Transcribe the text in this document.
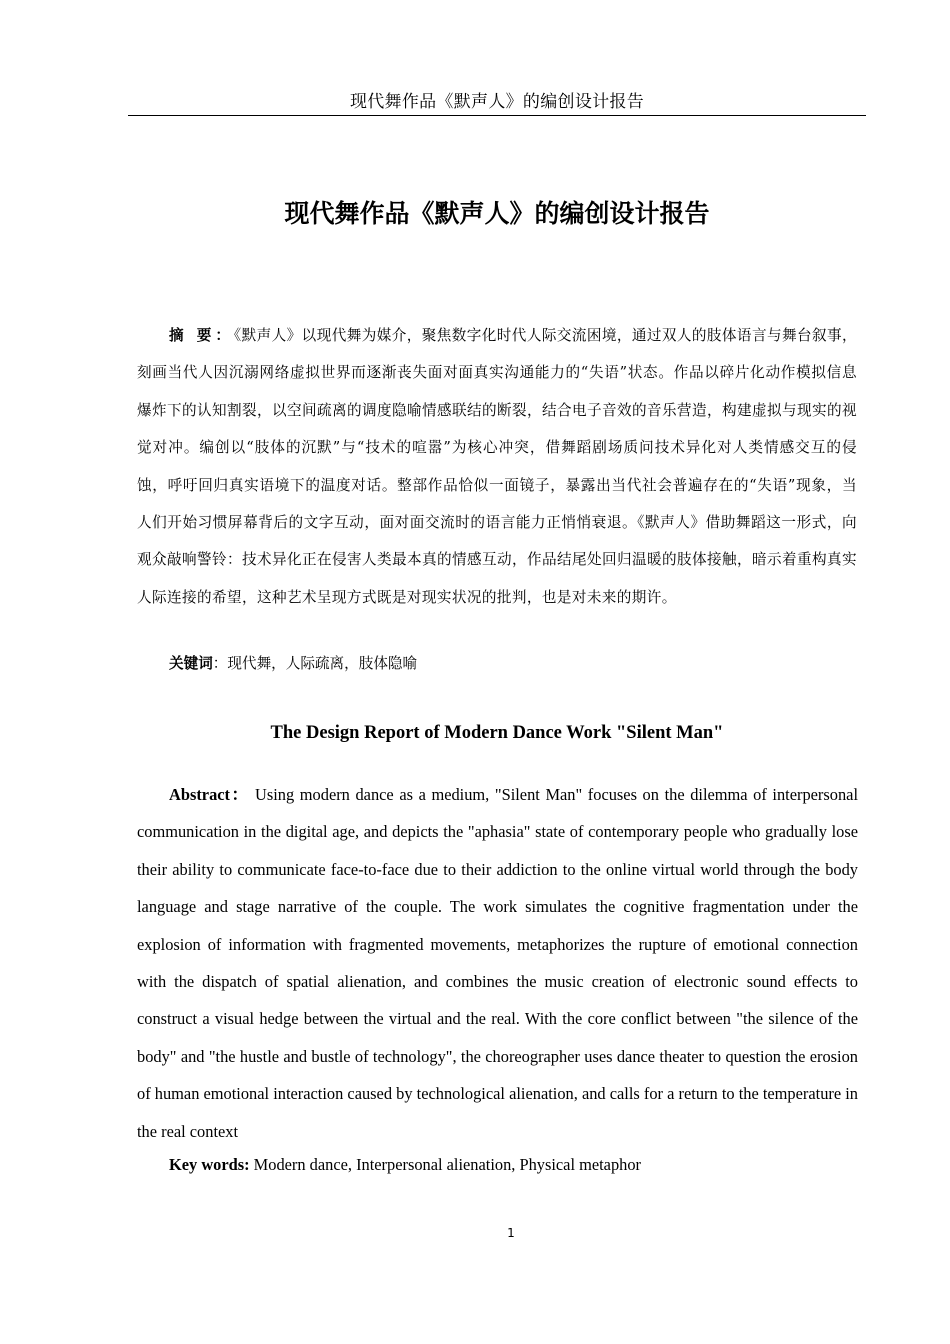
现代舞作品《默声人》的编创设计报告
现代舞作品《默声人》的编创设计报告
摘 要：《默声人》以现代舞为媒介，聚焦数字化时代人际交流困境，通过双人的肢体语言与舞台叙事，刻画当代人因沉溺网络虚拟世界而逐渐丧失面对面真实沟通能力的“失语”状态。作品以碎片化动作模拟信息爆炸下的认知割裂，以空间疏离的调度隐喻情感联结的断裂，结合电子音效的音乐营造，构建虚拟与现实的视觉对冲。编创以“肢体的沉默”与“技术的喧嚣”为核心冲突，借舞蹈剧场质问技术异化对人类情感交互的侵蚀，呼吁回归真实语境下的温度对话。整部作品恰似一面镜子，暴露出当代社会普遍存在的“失语”现象，当人们开始习惯屏幕背后的文字互动，面对面交流时的语言能力正悄悄衰退。《默声人》借助舞蹈这一形式，向观众敲响警铃：技术异化正在侵害人类最本真的情感互动，作品结尾处回归温暖的肢体接触，暗示着重构真实人际连接的希望，这种艺术呈现方式既是对现实状况的批判，也是对未来的期许。
关键词：现代舞，人际疏离，肢体隐喻
The Design Report of Modern Dance Work "Silent Man"
Abstract： Using modern dance as a medium, "Silent Man" focuses on the dilemma of interpersonal communication in the digital age, and depicts the "aphasia" state of contemporary people who gradually lose their ability to communicate face-to-face due to their addiction to the online virtual world through the body language and stage narrative of the couple. The work simulates the cognitive fragmentation under the explosion of information with fragmented movements, metaphorizes the rupture of emotional connection with the dispatch of spatial alienation, and combines the music creation of electronic sound effects to construct a visual hedge between the virtual and the real. With the core conflict between "the silence of the body" and "the hustle and bustle of technology", the choreographer uses dance theater to question the erosion of human emotional interaction caused by technological alienation, and calls for a return to the temperature in the real context
Key words: Modern dance, Interpersonal alienation, Physical metaphor
1
